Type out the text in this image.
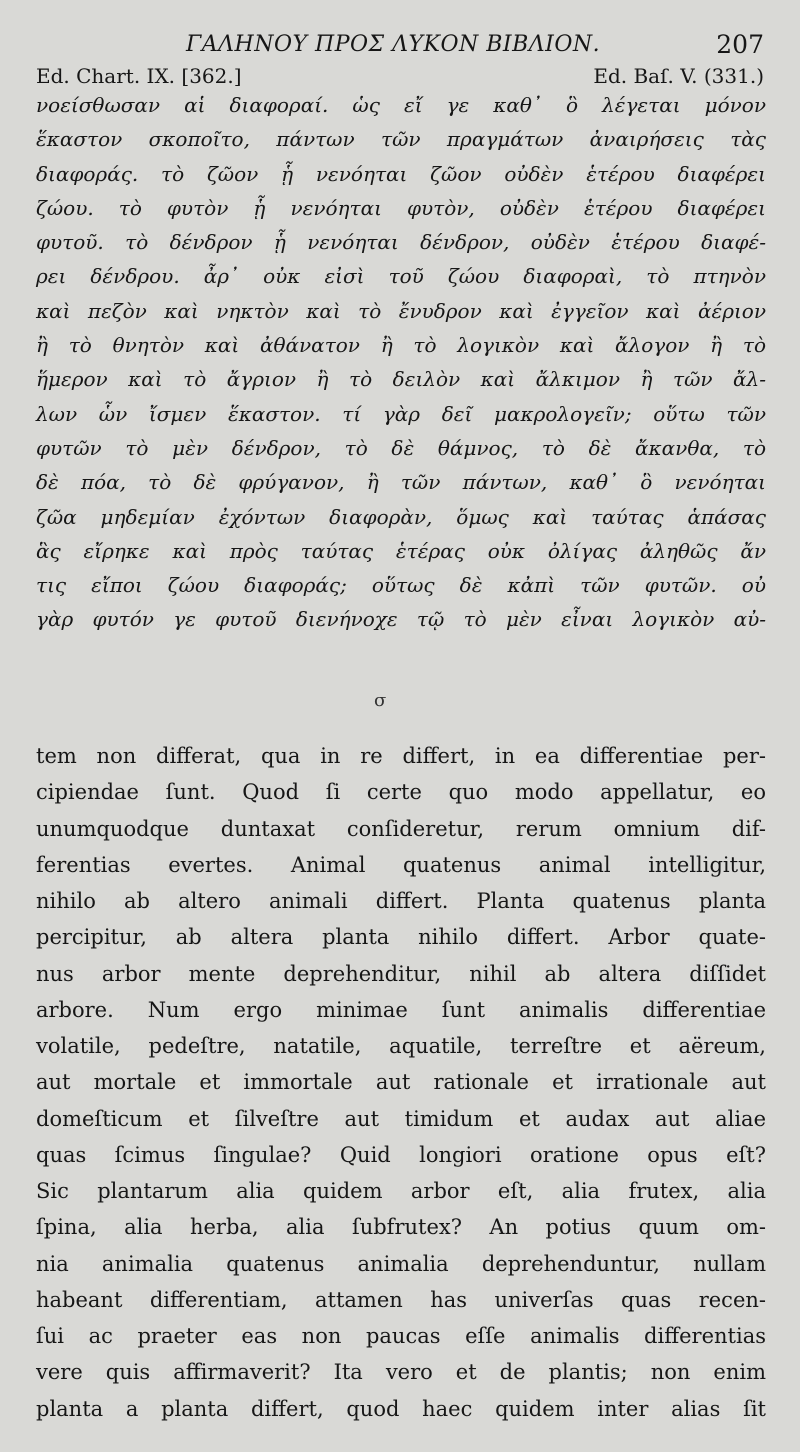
ΓΑΛΗΝΟΥ ΠΡΟΣ ΛΥΚΟΝ ΒΙΒΛΙΟΝ.	207
Ed. Chart. IX. [362.]	Ed. Baſ. V. (331.)
νοείσθωσαν αἱ διαφοραί. ὡς εἴ γε καθ᾽ ὃ λέγεται μόνον
ἕκαστον σκοποῖτο, πάντων τῶν πραγμάτων ἀναιρήσεις τὰς
διαφοράς. τὸ ζῶον ᾗ νενόηται ζῶον οὐδὲν ἑτέρου διαφέρει
ζώου. τὸ φυτὸν ᾗ νενόηται φυτὸν, οὐδὲν ἑτέρου διαφέρει
φυτοῦ. τὸ δένδρον ᾗ νενόηται δένδρον, οὐδὲν ἑτέρου διαφέ-
ρει δένδρου. ἆρ᾽ οὐκ εἰσὶ τοῦ ζώου διαφοραὶ, τὸ πτηνὸν
καὶ πεζὸν καὶ νηκτὸν καὶ τὸ ἔνυδρον καὶ ἐγγεῖον καὶ ἀέριον
ἢ τὸ θνητὸν καὶ ἀθάνατον ἢ τὸ λογικὸν καὶ ἄλογον ἢ τὸ
ἥμερον καὶ τὸ ἄγριον ἢ τὸ δειλὸν καὶ ἄλκιμον ἢ τῶν ἄλ-
λων ὧν ἴσμεν ἕκαστον. τί γὰρ δεῖ μακρολογεῖν; οὕτω τῶν
φυτῶν τὸ μὲν δένδρον, τὸ δὲ θάμνος, τὸ δὲ ἄκανθα, τὸ
δὲ πόα, τὸ δὲ φρύγανον, ἢ τῶν πάντων, καθ᾽ ὃ νενόηται
ζῶα μηδεμίαν ἐχόντων διαφορὰν, ὅμως καὶ ταύτας ἁπάσας
ἃς εἴρηκε καὶ πρὸς ταύτας ἑτέρας οὐκ ὀλίγας ἀληθῶς ἄν
τις εἴποι ζώου διαφοράς; οὕτως δὲ κἀπὶ τῶν φυτῶν. οὐ
γὰρ φυτόν γε φυτοῦ διενήνοχε τῷ τὸ μὲν εἶναι λογικὸν αὐ-
σ
tem non differat, qua in re differt, in ea differentiae per-
cipiendae ſunt. Quod ſi certe quo modo appellatur, eo
unumquodque duntaxat conſideretur, rerum omnium dif-
ferentias evertes. Animal quatenus animal intelligitur,
nihilo ab altero animali differt. Planta quatenus planta
percipitur, ab altera planta nihilo differt. Arbor quate-
nus arbor mente deprehenditur, nihil ab altera diſſidet
arbore. Num ergo minimae ſunt animalis differentiae
volatile, pedeſtre, natatile, aquatile, terreſtre et aëreum,
aut mortale et immortale aut rationale et irrationale aut
domeſticum et ſilveſtre aut timidum et audax aut aliae
quas ſcimus ſingulae? Quid longiori oratione opus eſt?
Sic plantarum alia quidem arbor eſt, alia frutex, alia
ſpina, alia herba, alia ſubfrutex? An potius quum om-
nia animalia quatenus animalia deprehenduntur, nullam
habeant differentiam, attamen has univerſas quas recen-
ſui ac praeter eas non paucas eſſe animalis differentias
vere quis affirmaverit? Ita vero et de plantis; non enim
planta a planta differt, quod haec quidem inter alias ſit
